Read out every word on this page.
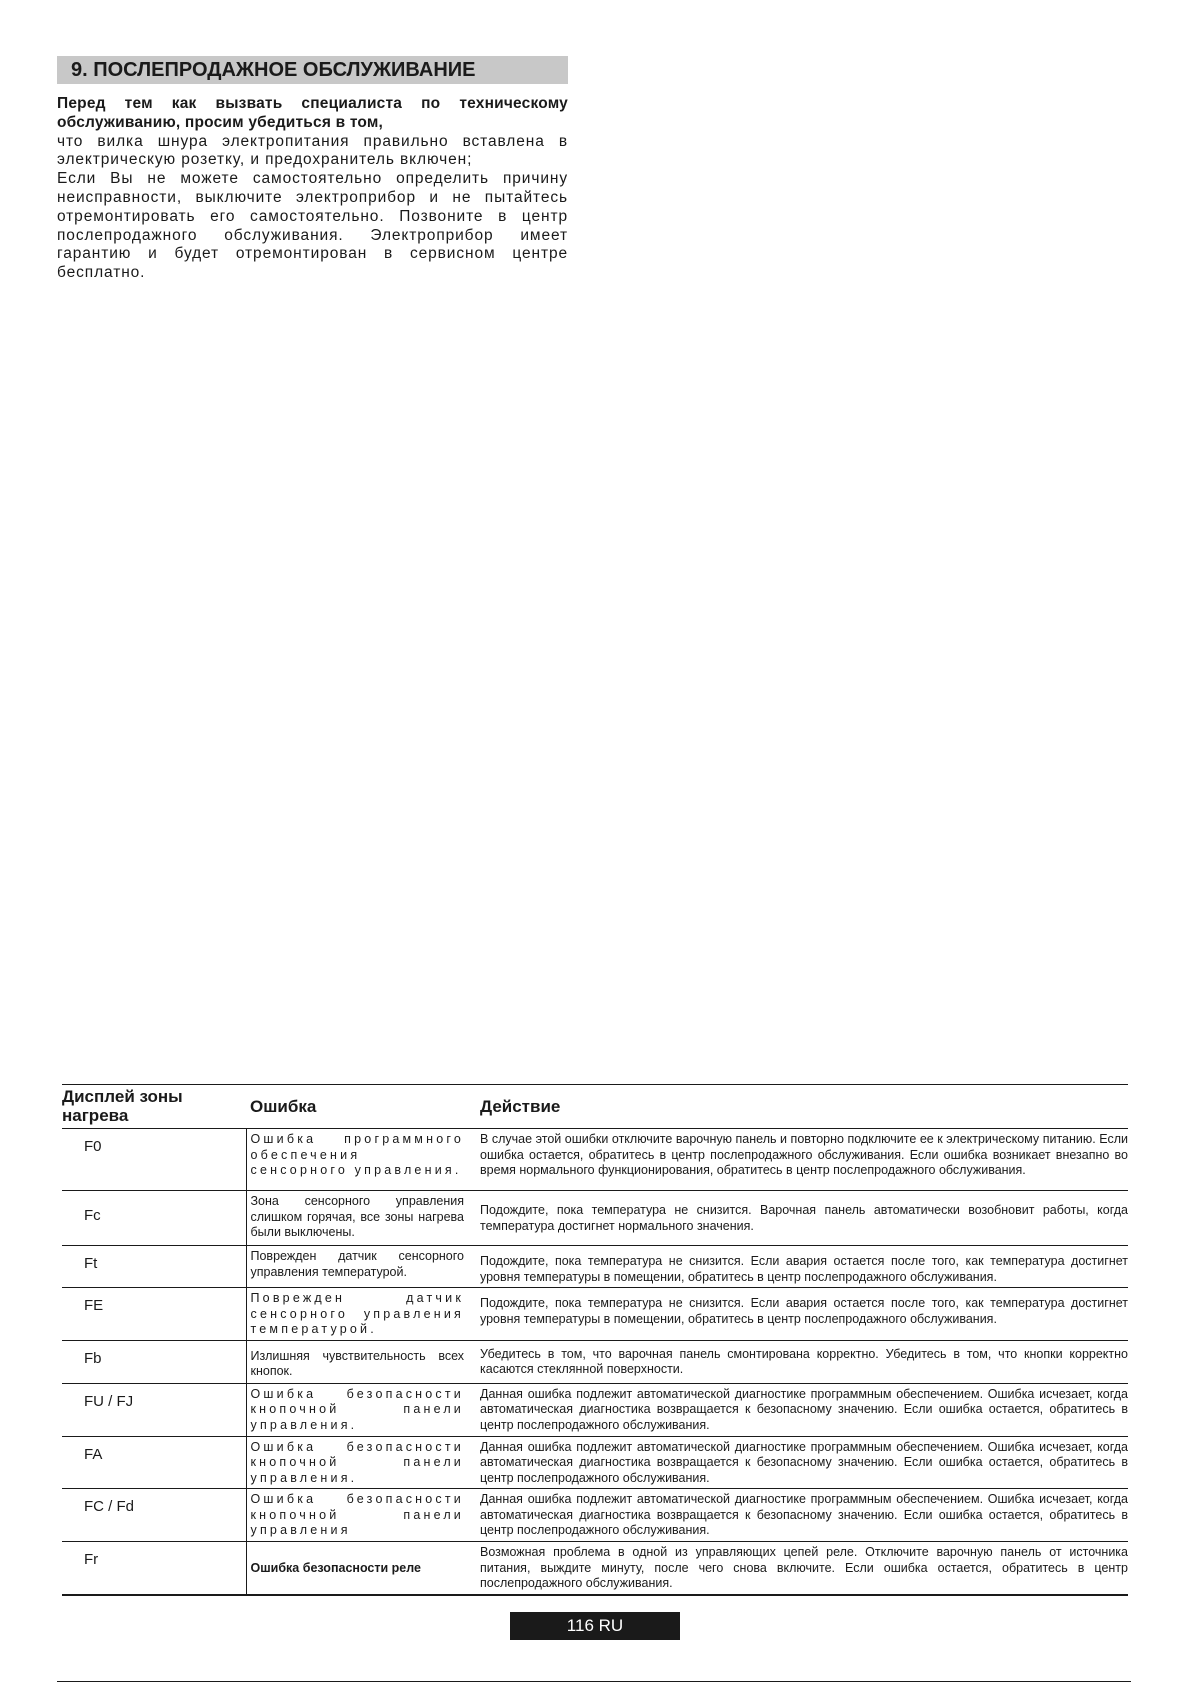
9. ПОСЛЕПРОДАЖНОЕ ОБСЛУЖИВАНИЕ

Перед тем как вызвать специалиста по техническому обслуживанию, просим убедиться в том,

что вилка шнура электропитания правильно вставлена в электрическую розетку, и предохранитель включен;

Если Вы не можете самостоятельно определить причину неисправности, выключите электроприбор и не пытайтесь отремонтировать его самостоятельно. Позвоните в центр послепродажного обслуживания. Электроприбор имеет гарантию и будет отремонтирован в сервисном центре бесплатно.

Дисплей зоны нагрева	Ошибка	Действие
F0	Ошибка программного обеспечения сенсорного управления.	В случае этой ошибки отключите варочную панель и повторно подключите ее к электрическому питанию. Если ошибка остается, обратитесь в центр послепродажного обслуживания. Если ошибка возникает внезапно во время нормального функционирования, обратитесь в центр послепродажного обслуживания.
Fc	Зона сенсорного управления слишком горячая, все зоны нагрева были выключены.	Подождите, пока температура не снизится. Варочная панель автоматически возобновит работы, когда температура достигнет нормального значения.
Ft	Поврежден датчик сенсорного управления температурой.	Подождите, пока температура не снизится. Если авария остается после того, как температура достигнет уровня температуры в помещении, обратитесь в центр послепродажного обслуживания.
FE	Поврежден датчик сенсорного управления температурой.	Подождите, пока температура не снизится. Если авария остается после того, как температура достигнет уровня температуры в помещении, обратитесь в центр послепродажного обслуживания.
Fb	Излишняя чувствительность всех кнопок.	Убедитесь в том, что варочная панель смонтирована корректно. Убедитесь в том, что кнопки корректно касаются стеклянной поверхности.
FU / FJ	Ошибка безопасности кнопочной панели управления.	Данная ошибка подлежит автоматической диагностике программным обеспечением. Ошибка исчезает, когда автоматическая диагностика возвращается к безопасному значению. Если ошибка остается, обратитесь в центр послепродажного обслуживания.
FA	Ошибка безопасности кнопочной панели управления.	Данная ошибка подлежит автоматической диагностике программным обеспечением. Ошибка исчезает, когда автоматическая диагностика возвращается к безопасному значению. Если ошибка остается, обратитесь в центр послепродажного обслуживания.
FC / Fd	Ошибка безопасности кнопочной панели управления	Данная ошибка подлежит автоматической диагностике программным обеспечением. Ошибка исчезает, когда автоматическая диагностика возвращается к безопасному значению. Если ошибка остается, обратитесь в центр послепродажного обслуживания.
Fr	Ошибка безопасности реле	Возможная проблема в одной из управляющих цепей реле. Отключите варочную панель от источника питания, выждите минуту, после чего снова включите. Если ошибка остается, обратитесь в центр послепродажного обслуживания.
116 RU
